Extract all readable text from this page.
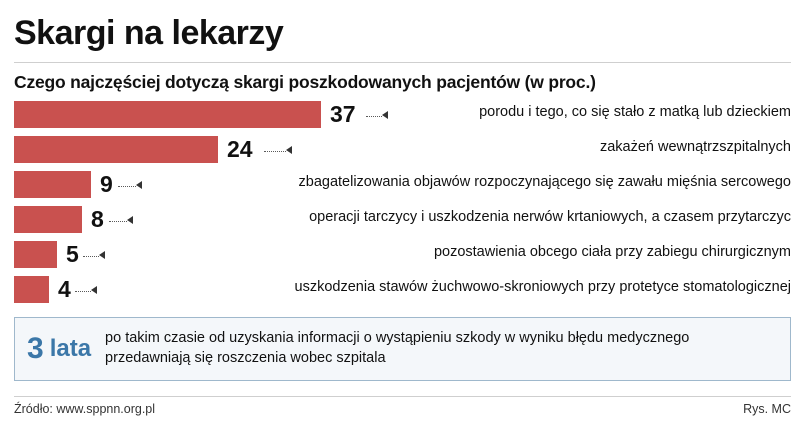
Skargi na lekarzy
Czego najczęściej dotyczą skargi poszkodowanych pacjentów (w proc.)
37	porodu i tego, co się stało z matką lub dzieckiem
24	zakażeń wewnątrzszpitalnych
9	zbagatelizowania objawów rozpoczynającego się zawału mięśnia sercowego
8	operacji tarczycy i uszkodzenia nerwów krtaniowych, a czasem przytarczyc
5	pozostawienia obcego ciała przy zabiegu chirurgicznym
4	uszkodzenia stawów żuchwowo-skroniowych przy protetyce stomatologicznej
3 lata po takim czasie od uzyskania informacji o wystąpieniu szkody w wyniku błędu medycznego przedawniają się roszczenia wobec szpitala
Źródło: www.sppnn.org.pl	Rys. MC
